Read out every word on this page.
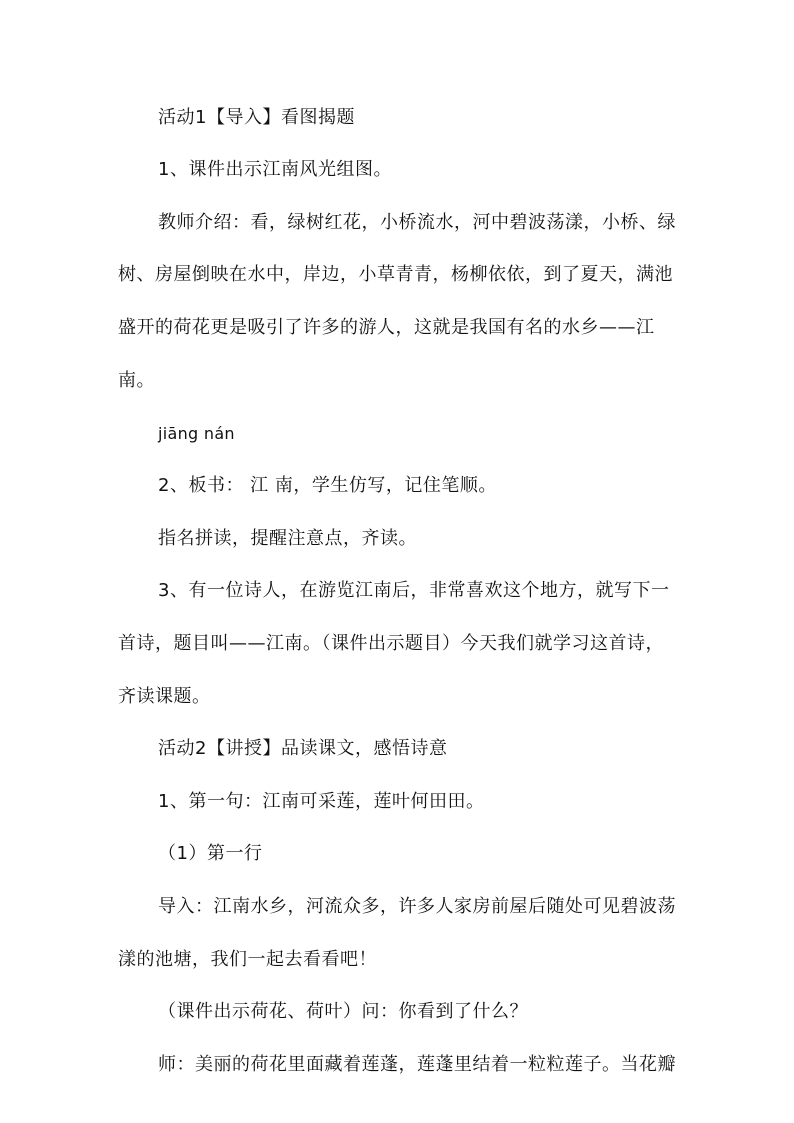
活动1【导入】看图揭题
1、课件出示江南风光组图。
教师介绍：看，绿树红花，小桥流水，河中碧波荡漾，小桥、绿
树、房屋倒映在水中，岸边，小草青青，杨柳依依，到了夏天，满池
盛开的荷花更是吸引了许多的游人，这就是我国有名的水乡——江
南。
jiāng nán
2、板书： 江 南，学生仿写，记住笔顺。
指名拼读，提醒注意点，齐读。
3、有一位诗人，在游览江南后，非常喜欢这个地方，就写下一
首诗，题目叫——江南。（课件出示题目）今天我们就学习这首诗，
齐读课题。
活动2【讲授】品读课文，感悟诗意
1、第一句：江南可采莲，莲叶何田田。
（1）第一行
导入：江南水乡，河流众多，许多人家房前屋后随处可见碧波荡
漾的池塘，我们一起去看看吧！
（课件出示荷花、荷叶）问：你看到了什么？
师：美丽的荷花里面藏着莲蓬，莲蓬里结着一粒粒莲子。当花瓣
